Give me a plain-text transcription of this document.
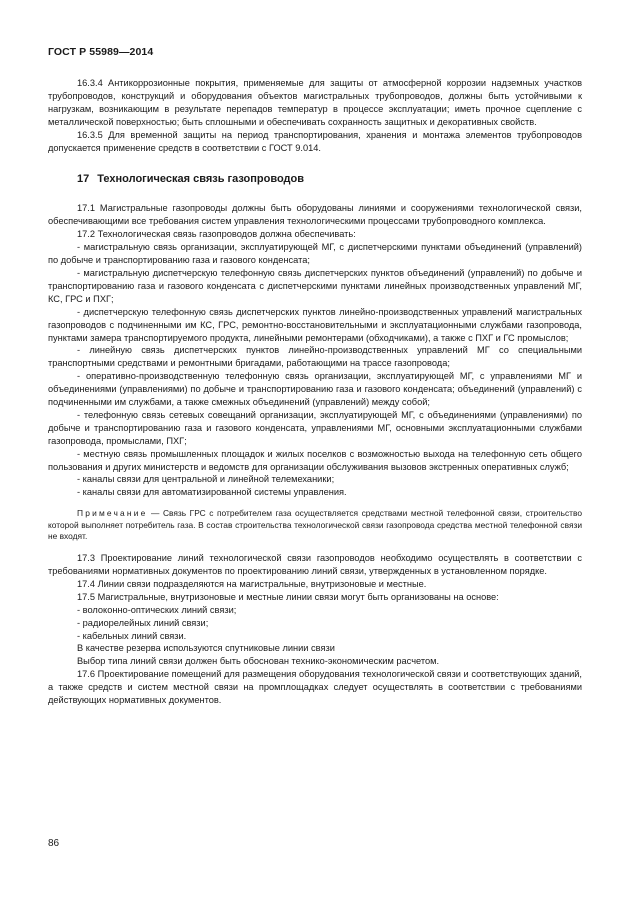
ГОСТ Р 55989—2014

16.3.4 Антикоррозионные покрытия, применяемые для защиты от атмосферной коррозии надземных участков трубопроводов, конструкций и оборудования объектов магистральных трубопроводов, должны быть устойчивыми к нагрузкам, возникающим в результате перепадов температур в процессе эксплуатации; иметь прочное сцепление с металлической поверхностью; быть сплошными и обеспечивать сохранность защитных и декоративных свойств.

16.3.5 Для временной защиты на период транспортирования, хранения и монтажа элементов трубопроводов допускается применение средств в соответствии с ГОСТ 9.014.

17 Технологическая связь газопроводов

17.1 Магистральные газопроводы должны быть оборудованы линиями и сооружениями технологической связи, обеспечивающими все требования систем управления технологическими процессами трубопроводного комплекса.

17.2 Технологическая связь газопроводов должна обеспечивать:

- магистральную связь организации, эксплуатирующей МГ, с диспетчерскими пунктами объединений (управлений) по добыче и транспортированию газа и газового конденсата;

- магистральную диспетчерскую телефонную связь диспетчерских пунктов объединений (управлений) по добыче и транспортированию газа и газового конденсата с диспетчерскими пунктами линейных производственных управлений МГ, КС, ГРС и ПХГ;

- диспетчерскую телефонную связь диспетчерских пунктов линейно-производственных управлений магистральных газопроводов с подчиненными им КС, ГРС, ремонтно-восстановительными и эксплуатационными службами газопровода, пунктами замера транспортируемого продукта, линейными ремонтерами (обходчиками), а также с ПХГ и ГС промыслов;

- линейную связь диспетчерских пунктов линейно-производственных управлений МГ со специальными транспортными средствами и ремонтными бригадами, работающими на трассе газопровода;

- оперативно-производственную телефонную связь организации, эксплуатирующей МГ, с управлениями МГ и объединениями (управлениями) по добыче и транспортированию газа и газового конденсата; объединений (управлений) с подчиненными им службами, а также смежных объединений (управлений) между собой;

- телефонную связь сетевых совещаний организации, эксплуатирующей МГ, с объединениями (управлениями) по добыче и транспортированию газа и газового конденсата, управлениями МГ, основными эксплуатационными службами газопровода, промыслами, ПХГ;

- местную связь промышленных площадок и жилых поселков с возможностью выхода на телефонную сеть общего пользования и других министерств и ведомств для организации обслуживания вызовов экстренных оперативных служб;

- каналы связи для центральной и линейной телемеханики;

- каналы связи для автоматизированной системы управления.

Примечание — Связь ГРС с потребителем газа осуществляется средствами местной телефонной связи, строительство которой выполняет потребитель газа. В состав строительства технологической связи газопровода средства местной телефонной связи не входят.

17.3 Проектирование линий технологической связи газопроводов необходимо осуществлять в соответствии с требованиями нормативных документов по проектированию линий связи, утвержденных в установленном порядке.

17.4 Линии связи подразделяются на магистральные, внутризоновые и местные.

17.5 Магистральные, внутризоновые и местные линии связи могут быть организованы на основе:

- волоконно-оптических линий связи;

- радиорелейных линий связи;

- кабельных линий связи.

В качестве резерва используются спутниковые линии связи

Выбор типа линий связи должен быть обоснован технико-экономическим расчетом.

17.6 Проектирование помещений для размещения оборудования технологической связи и соответствующих зданий, а также средств и систем местной связи на промплощадках следует осуществлять в соответствии с требованиями действующих нормативных документов.

86
